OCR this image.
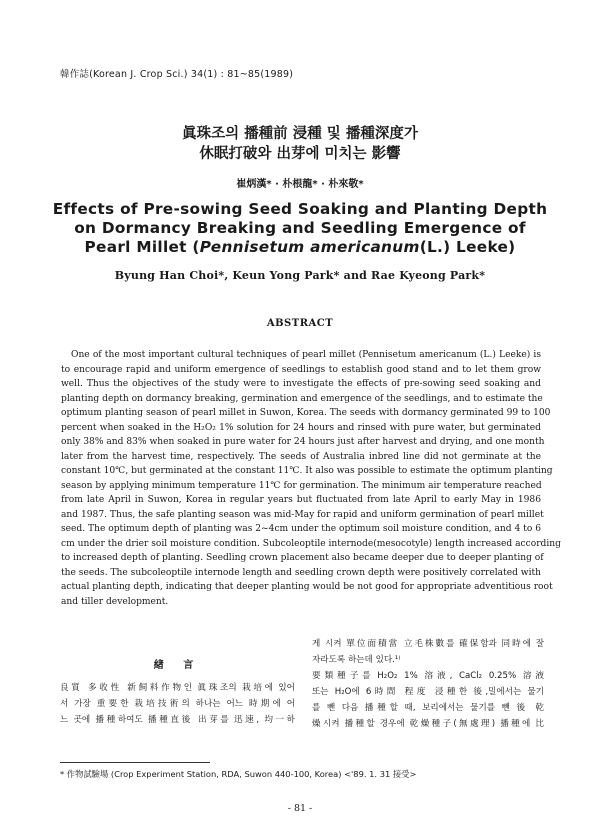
韓作誌(Korean J. Crop Sci.) 34(1) : 81~85(1989)
眞珠조의 播種前 浸種 및 播種深度가
休眠打破와 出芽에 미치는 影響
崔炳漢* · 朴根龍* · 朴來敬*
Effects of Pre-sowing Seed Soaking and Planting Depth
on Dormancy Breaking and Seedling Emergence of
Pearl Millet (Pennisetum americanum(L.) Leeke)
Byung Han Choi*, Keun Yong Park* and Rae Kyeong Park*
ABSTRACT
One of the most important cultural techniques of pearl millet (Pennisetum americanum (L.) Leeke) is
to encourage rapid and uniform emergence of seedlings to establish good stand and to let them grow
well. Thus the objectives of the study were to investigate the effects of pre-sowing seed soaking and
planting depth on dormancy breaking, germination and emergence of the seedlings, and to estimate the
optimum planting season of pearl millet in Suwon, Korea. The seeds with dormancy germinated 99 to 100
percent when soaked in the H₂O₂ 1% solution for 24 hours and rinsed with pure water, but germinated
only 38% and 83% when soaked in pure water for 24 hours just after harvest and drying, and one month
later from the harvest time, respectively. The seeds of Australia inbred line did not germinate at the
constant 10℃, but germinated at the constant 11℃. It also was possible to estimate the optimum planting
season by applying minimum temperature 11℃ for germination. The minimum air temperature reached
from late April in Suwon, Korea in regular years but fluctuated from late April to early May in 1986
and 1987. Thus, the safe planting season was mid-May for rapid and uniform germination of pearl millet
seed. The optimum depth of planting was 2~4cm under the optimum soil moisture condition, and 4 to 6
cm under the drier soil moisture condition. Subcoleoptile internode(mesocotyle) length increased according
to increased depth of planting. Seedling crown placement also became deeper due to deeper planting of
the seeds. The subcoleoptile internode length and seedling crown depth were positively correlated with
actual planting depth, indicating that deeper planting would be not good for appropriate adventitious root
and tiller development.
緖 言
良質 多收性 新飼料作物인 眞珠조의 栽培에 있어
서 가장 重要한 栽培技術의 하나는 어느 時期에 어
느 곳에 播種하여도 播種直後 出芽를 迅速, 均一하
게 시켜 單位面積當 立毛株數를 確保함과 同時에 잘
자라도록 하는데 있다.¹⁾
要類種子를 H₂O₂ 1% 溶液, CaCl₂ 0.25% 溶液
또는 H₂O에 6時間 程度 浸種한 後,밀에서는 물기
를 뺀 다음 播種할 때, 보리에서는 물기를 뺀 後 乾
燥시켜 播種할 경우에 乾燥種子(無處理) 播種에 比
* 作物試驗場 (Crop Experiment Station, RDA, Suwon 440-100, Korea) <'89. 1. 31 接受>
- 81 -
